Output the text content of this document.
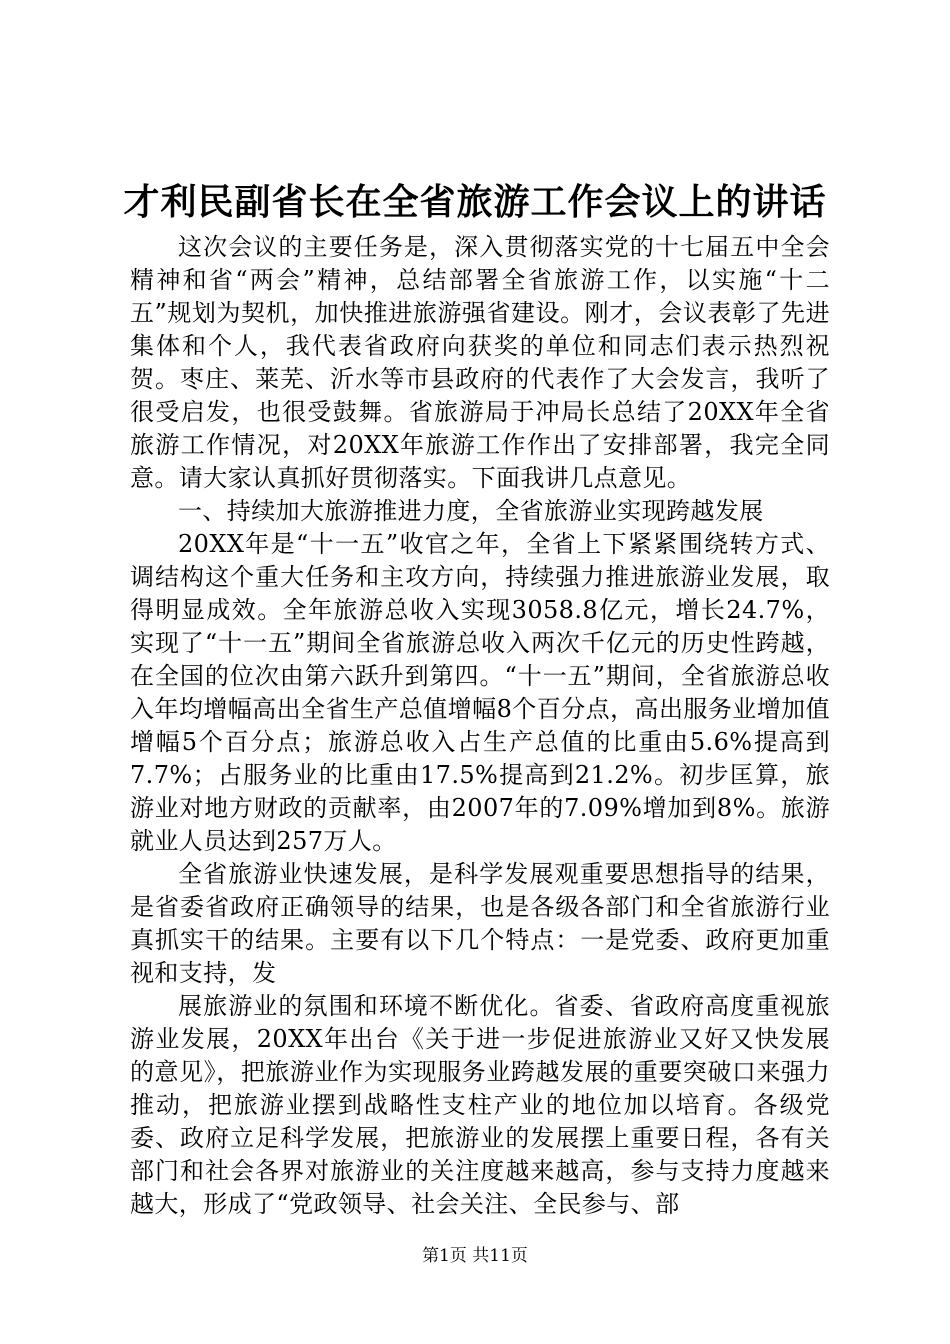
才利民副省长在全省旅游工作会议上的讲话

这次会议的主要任务是，深入贯彻落实党的十七届五中全会精神和省“两会”精神，总结部署全省旅游工作，以实施“十二五”规划为契机，加快推进旅游强省建设。刚才，会议表彰了先进集体和个人，我代表省政府向获奖的单位和同志们表示热烈祝贺。枣庄、莱芜、沂水等市县政府的代表作了大会发言，我听了很受启发，也很受鼓舞。省旅游局于冲局长总结了20XX年全省旅游工作情况，对20XX年旅游工作作出了安排部署，我完全同意。请大家认真抓好贯彻落实。下面我讲几点意见。

一、持续加大旅游推进力度，全省旅游业实现跨越发展

20XX年是“十一五”收官之年，全省上下紧紧围绕转方式、调结构这个重大任务和主攻方向，持续强力推进旅游业发展，取得明显成效。全年旅游总收入实现3058.8亿元，增长24.7%，实现了“十一五”期间全省旅游总收入两次千亿元的历史性跨越，在全国的位次由第六跃升到第四。“十一五”期间，全省旅游总收入年均增幅高出全省生产总值增幅8个百分点，高出服务业增加值增幅5个百分点；旅游总收入占生产总值的比重由5.6%提高到7.7%；占服务业的比重由17.5%提高到21.2%。初步匡算，旅游业对地方财政的贡献率，由2007年的7.09%增加到8%。旅游就业人员达到257万人。

全省旅游业快速发展，是科学发展观重要思想指导的结果，是省委省政府正确领导的结果，也是各级各部门和全省旅游行业真抓实干的结果。主要有以下几个特点：一是党委、政府更加重视和支持，发

展旅游业的氛围和环境不断优化。省委、省政府高度重视旅游业发展，20XX年出台《关于进一步促进旅游业又好又快发展的意见》，把旅游业作为实现服务业跨越发展的重要突破口来强力推动，把旅游业摆到战略性支柱产业的地位加以培育。各级党委、政府立足科学发展，把旅游业的发展摆上重要日程，各有关部门和社会各界对旅游业的关注度越来越高，参与支持力度越来越大，形成了“党政领导、社会关注、全民参与、部

第1页 共11页
